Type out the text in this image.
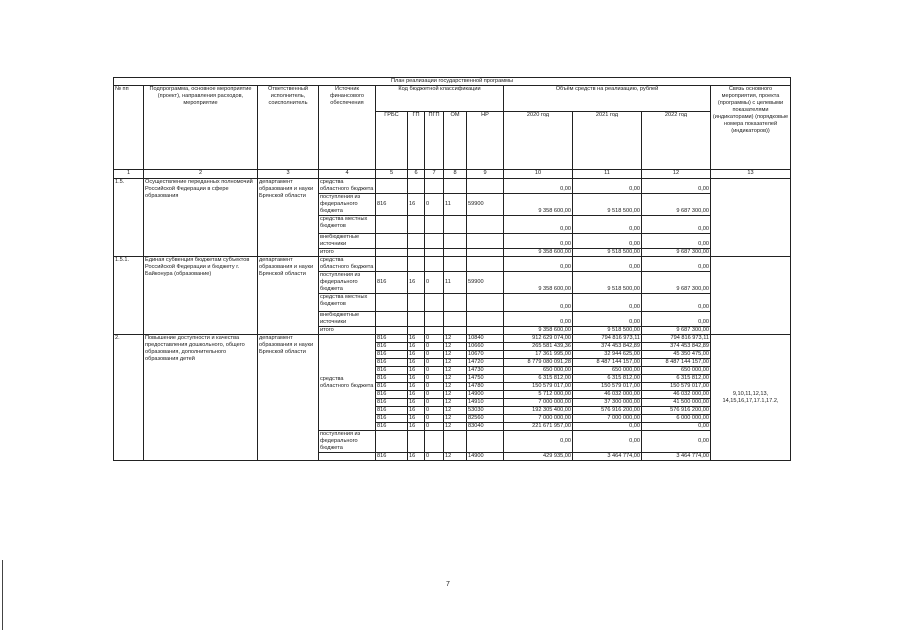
План реализации государственной программы												
№ пп	Подпрограмма, основное мероприятие (проект), направления расходов, мероприятие	Ответственный исполнитель, соисполнитель	Источник финансового обеспечения	Код бюджетной классификации					Объём средств на реализацию, рублей			Связь основного мероприятия, проекта (программы) с целевыми показателями (индикаторами) (порядковые номера показателей (индикаторов))
				ГРБС	ГП	ПГП	ОМ	НР	2020 год	2021 год	2022 год	
1	2	3	4	5	6	7	8	9	10	11	12	13
1.5.	Осуществление переданных полномочий Российской Федерации в сфере образования	департамент образования и науки Брянской области	средства областного бюджета						0,00	0,00	0,00	
			поступления из федерального бюджета	816	16	0	11	59900	9 358 600,00	9 518 500,00	9 687 300,00	
			средства местных бюджетов						0,00	0,00	0,00	
			внебюджетные источники						0,00	0,00	0,00	
			итого						9 358 600,00	9 518 500,00	9 687 300,00	
1.5.1.	Единая субвенция бюджетам субъектов Российской Федерации и бюджету г. Байконура (образование)	департамент образования и науки Брянской области	средства областного бюджета						0,00	0,00	0,00	
			поступления из федерального бюджета	816	16	0	11	59900	9 358 600,00	9 518 500,00	9 687 300,00	
			средства местных бюджетов						0,00	0,00	0,00	
			внебюджетные источники						0,00	0,00	0,00	
			итого						9 358 600,00	9 518 500,00	9 687 300,00	
2.	Повышение доступности и качества предоставления дошкольного, общего образования, дополнительного образования детей	департамент образования и науки Брянской области	средства областного бюджета	816	16	0	12	10840	912 629 074,00	794 816 973,11	794 816 973,11	9,10,11,12,13, 14,15,16,17,17.1,17.2,
				816	16	0	12	10660	265 581 439,36	374 453 842,89	374 453 842,89	
				816	16	0	12	10670	17 361 995,00	32 944 625,00	45 350 475,00	
				816	16	0	12	14720	8 779 080 091,28	8 487 144 157,00	8 487 144 157,00	
				816	16	0	12	14730	650 000,00	650 000,00	650 000,00	
				816	16	0	12	14750	6 315 812,00	6 315 812,00	6 315 812,00	
				816	16	0	12	14780	150 579 017,00	150 579 017,00	150 579 017,00	
				816	16	0	12	14900	5 712 000,00	46 032 000,00	46 032 000,00	
				816	16	0	12	14910	7 000 000,00	37 300 000,00	41 500 000,00	
				816	16	0	12	53030	192 305 400,00	576 916 200,00	576 916 200,00	
				816	16	0	12	82560	7 000 000,00	7 000 000,00	6 000 000,00	
				816	16	0	12	83040	221 671 957,00	0,00	0,00	
			поступления из федерального бюджета						0,00	0,00	0,00	
				816	16	0	12	14900	429 935,00	3 464 774,00	3 464 774,00	
7
